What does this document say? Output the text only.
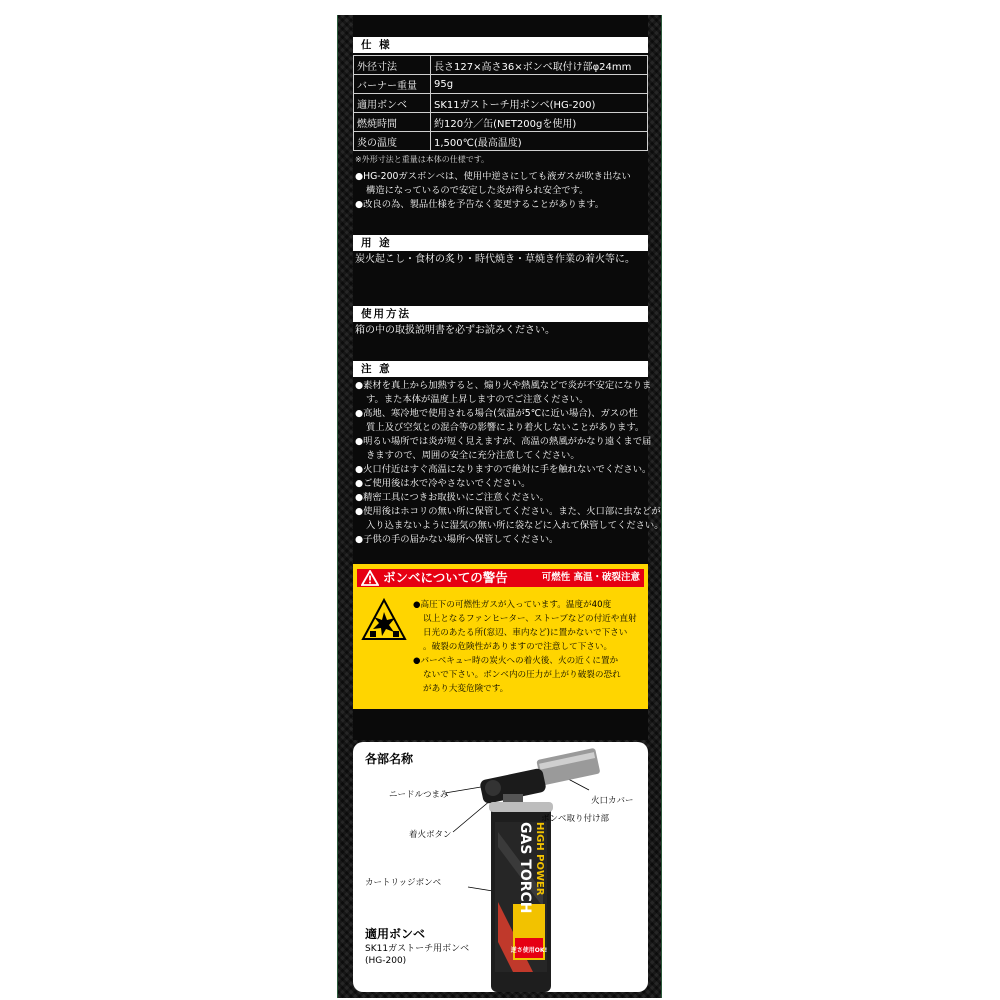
仕 様
外径寸法	長さ127×高さ36×ボンベ取付け部φ24mm
バーナー重量	95g
適用ボンベ	SK11ガストーチ用ボンベ(HG-200)
燃焼時間	約120分／缶(NET200gを使用)
炎の温度	1,500℃(最高温度)
※外形寸法と重量は本体の仕様です。
●HG-200ガスボンベは、使用中逆さにしても液ガスが吹き出ない
構造になっているので安定した炎が得られ安全です。
●改良の為、製品仕様を予告なく変更することがあります。
用 途
炭火起こし・食材の炙り・時代焼き・草焼き作業の着火等に。
使用方法
箱の中の取扱説明書を必ずお読みください。
注 意
●素材を真上から加熱すると、煽り火や熱風などで炎が不安定になりま
す。また本体が温度上昇しますのでご注意ください。
●高地、寒冷地で使用される場合(気温が5℃に近い場合)、ガスの性
質上及び空気との混合等の影響により着火しないことがあります。
●明るい場所では炎が短く見えますが、高温の熱風がかなり遠くまで届
きますので、周囲の安全に充分注意してください。
●火口付近はすぐ高温になりますので絶対に手を触れないでください。
●ご使用後は水で冷やさないでください。
●精密工具につきお取扱いにご注意ください。
●使用後はホコリの無い所に保管してください。また、火口部に虫などが
入り込まないように湿気の無い所に袋などに入れて保管してください。
●子供の手の届かない場所へ保管してください。
ボンベについての警告	可燃性 高温・破裂注意
●高圧下の可燃性ガスが入っています。温度が40度
以上となるファンヒーター、ストーブなどの付近や直射
日光のあたる所(窓辺、車内など)に置かないで下さい
。破裂の危険性がありますので注意して下さい。
●バーベキュー時の炭火への着火後、火の近くに置か
ないで下さい。ボンベ内の圧力が上がり破裂の恐れ
があり大変危険です。
各部名称
逆さ使用OK!
GAS TORCH HIGH POWER
ニードルつまみ
火口カバー
ボンベ取り付け部
着火ボタン
カートリッジボンベ
適用ボンベ
SK11ガストーチ用ボンベ
(HG-200)
